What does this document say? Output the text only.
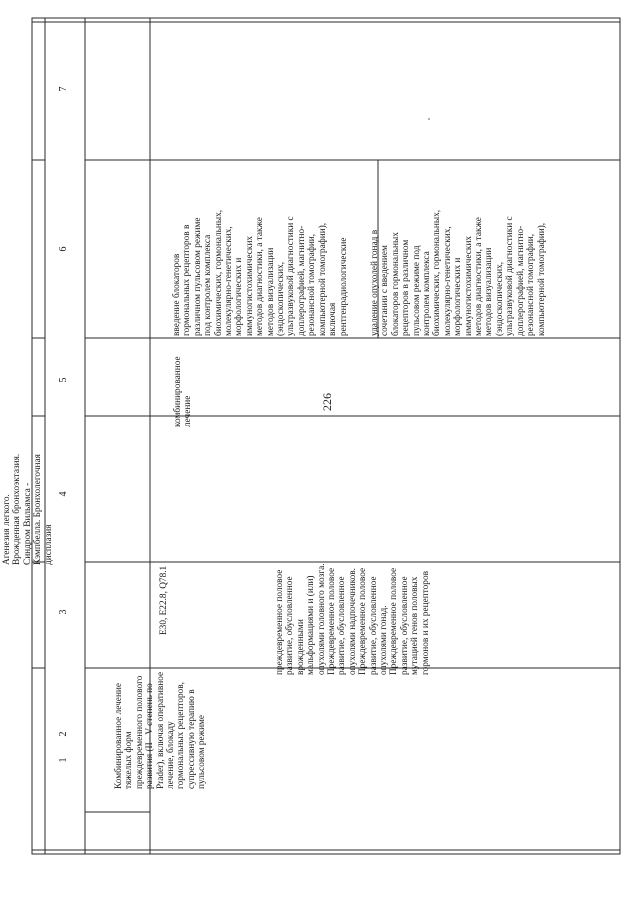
226
1
2
3
4
5
6
7
Агенезия легкого. Врожденная бронхоэктазия. Синдром Вильямса - Кэмпбелла. Бронхолегочная дисплазия
Комбинированное лечение тяжелых форм преждевременного полового развития (II - V степень по Prader), включая оперативное лечение, блокаду гормональных рецепторов, супрессивную терапию в пульсовом режиме
E30, E22.8, Q78.1	преждевременное половое развитие, обусловленное врожденными мальформациями и (или) опухолями головного мозга. Преждевременное половое развитие, обусловленное опухолями надпочечников. Преждевременное половое развитие, обусловленное опухолями гонад. Преждевременное половое развитие, обусловленное мутацией генов половых гормонов и их рецепторов
комбинированное лечение
введение блокаторов гормональных рецепторов в различном пульсовом режиме под контролем комплекса биохимических, гормональных, молекулярно-генетических, морфологических и иммуногистохимических методов диагностики, а также методов визуализации (эндоскопических, ультразвуковой диагностики с доплерографией, магнитно- резонансной томографии, компьютерной томографии), включая рентгенрадиологические удаление опухолей гонад в сочетании с введением блокаторов гормональных рецепторов в различном пульсовом режиме под контролем комплекса биохимических, гормональных, молекулярно-генетических, морфологических и иммуногистохимических методов диагностики, а также методов визуализации (эндоскопических, ультразвуковой диагностики с доплерографией, магнитно- резонансной томографии, компьютерной томографии),
